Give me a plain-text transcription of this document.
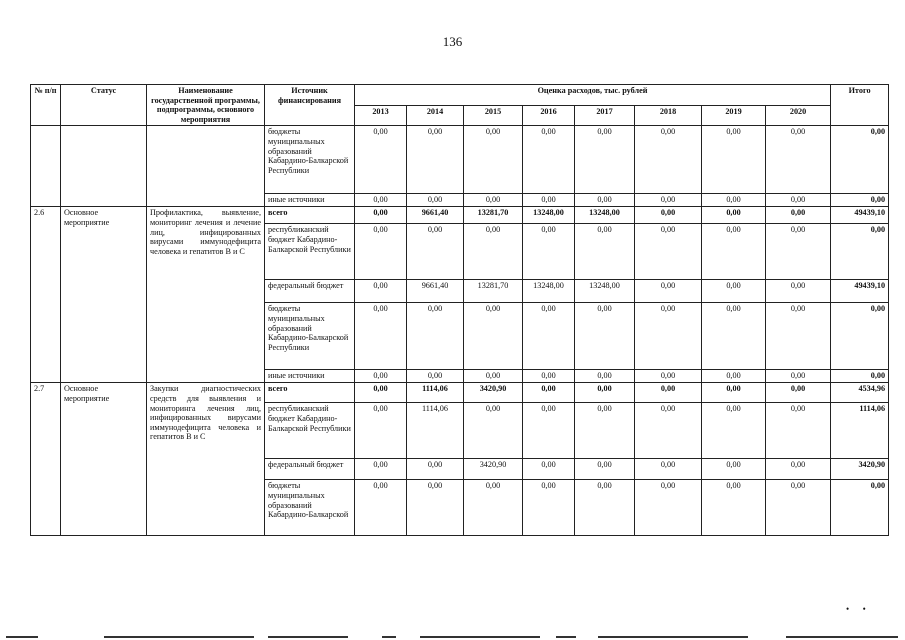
136
№ п/п	Статус	Наименование государственной программы, подпрограммы, основного мероприятия	Источник финансирования	Оценка расходов, тыс. рублей								Итого
				2013	2014	2015	2016	2017	2018	2019	2020	
			бюджеты муниципальных образований Кабардино-Балкарской Республики	0,00	0,00	0,00	0,00	0,00	0,00	0,00	0,00	0,00
			иные источники	0,00	0,00	0,00	0,00	0,00	0,00	0,00	0,00	0,00
2.6	Основное мероприятие	Профилактика, выявление, мониторинг лечения и лечение лиц, инфицированных вирусами иммунодефицита человека и гепатитов В и С	всего	0,00	9661,40	13281,70	13248,00	13248,00	0,00	0,00	0,00	49439,10
			республиканский бюджет Кабардино-Балкарской Республики	0,00	0,00	0,00	0,00	0,00	0,00	0,00	0,00	0,00
			федеральный бюджет	0,00	9661,40	13281,70	13248,00	13248,00	0,00	0,00	0,00	49439,10
			бюджеты муниципальных образований Кабардино-Балкарской Республики	0,00	0,00	0,00	0,00	0,00	0,00	0,00	0,00	0,00
			иные источники	0,00	0,00	0,00	0,00	0,00	0,00	0,00	0,00	0,00
2.7	Основное мероприятие	Закупки диагностических средств для выявления и мониторинга лечения лиц, инфицированных вирусами иммунодефицита человека и гепатитов В и С	всего	0,00	1114,06	3420,90	0,00	0,00	0,00	0,00	0,00	4534,96
			республиканский бюджет Кабардино-Балкарской Республики	0,00	1114,06	0,00	0,00	0,00	0,00	0,00	0,00	1114,06
			федеральный бюджет	0,00	0,00	3420,90	0,00	0,00	0,00	0,00	0,00	3420,90
			бюджеты муниципальных образований Кабардино-Балкарской	0,00	0,00	0,00	0,00	0,00	0,00	0,00	0,00	0,00
•      •
